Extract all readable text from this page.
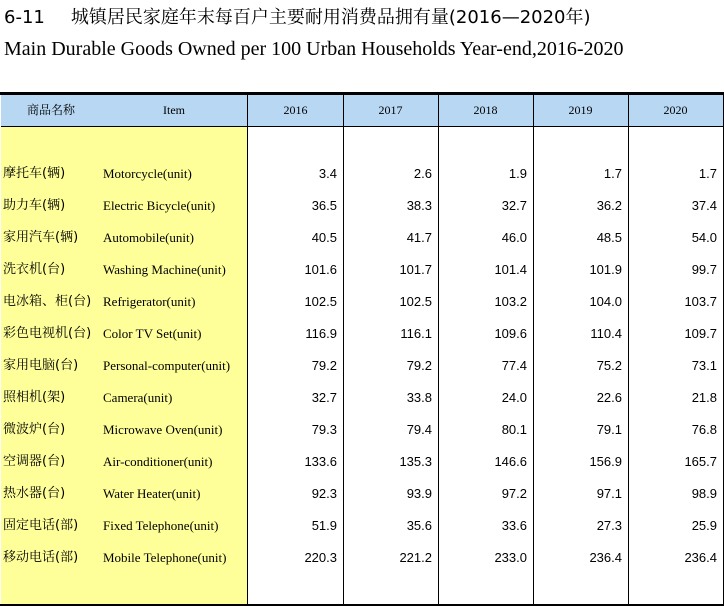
6-11 城镇居民家庭年末每百户主要耐用消费品拥有量(2016—2020年)
Main Durable Goods Owned per 100 Urban Households Year-end,2016-2020
商品名称	Item	2016	2017	2018	2019	2020
摩托车(辆)	Motorcycle(unit)	3.4	2.6	1.9	1.7	1.7
助力车(辆)	Electric Bicycle(unit)	36.5	38.3	32.7	36.2	37.4
家用汽车(辆) Automobile(unit)	40.5	41.7	46.0	48.5	54.0
洗衣机(台)	Washing Machine(unit)	101.6	101.7	101.4	101.9	99.7
电冰箱、柜(台) Refrigerator(unit)	102.5	102.5	103.2	104.0	103.7
彩色电视机(台) Color TV Set(unit)	116.9	116.1	109.6	110.4	109.7
家用电脑(台) Personal-computer(unit)	79.2	79.2	77.4	75.2	73.1
照相机(架)	Camera(unit)	32.7	33.8	24.0	22.6	21.8
微波炉(台)	Microwave Oven(unit)	79.3	79.4	80.1	79.1	76.8
空调器(台)	Air-conditioner(unit)	133.6	135.3	146.6	156.9	165.7
热水器(台)	Water Heater(unit)	92.3	93.9	97.2	97.1	98.9
固定电话(部) Fixed Telephone(unit)	51.9	35.6	33.6	27.3	25.9
移动电话(部) Mobile Telephone(unit)	220.3	221.2	233.0	236.4	236.4
